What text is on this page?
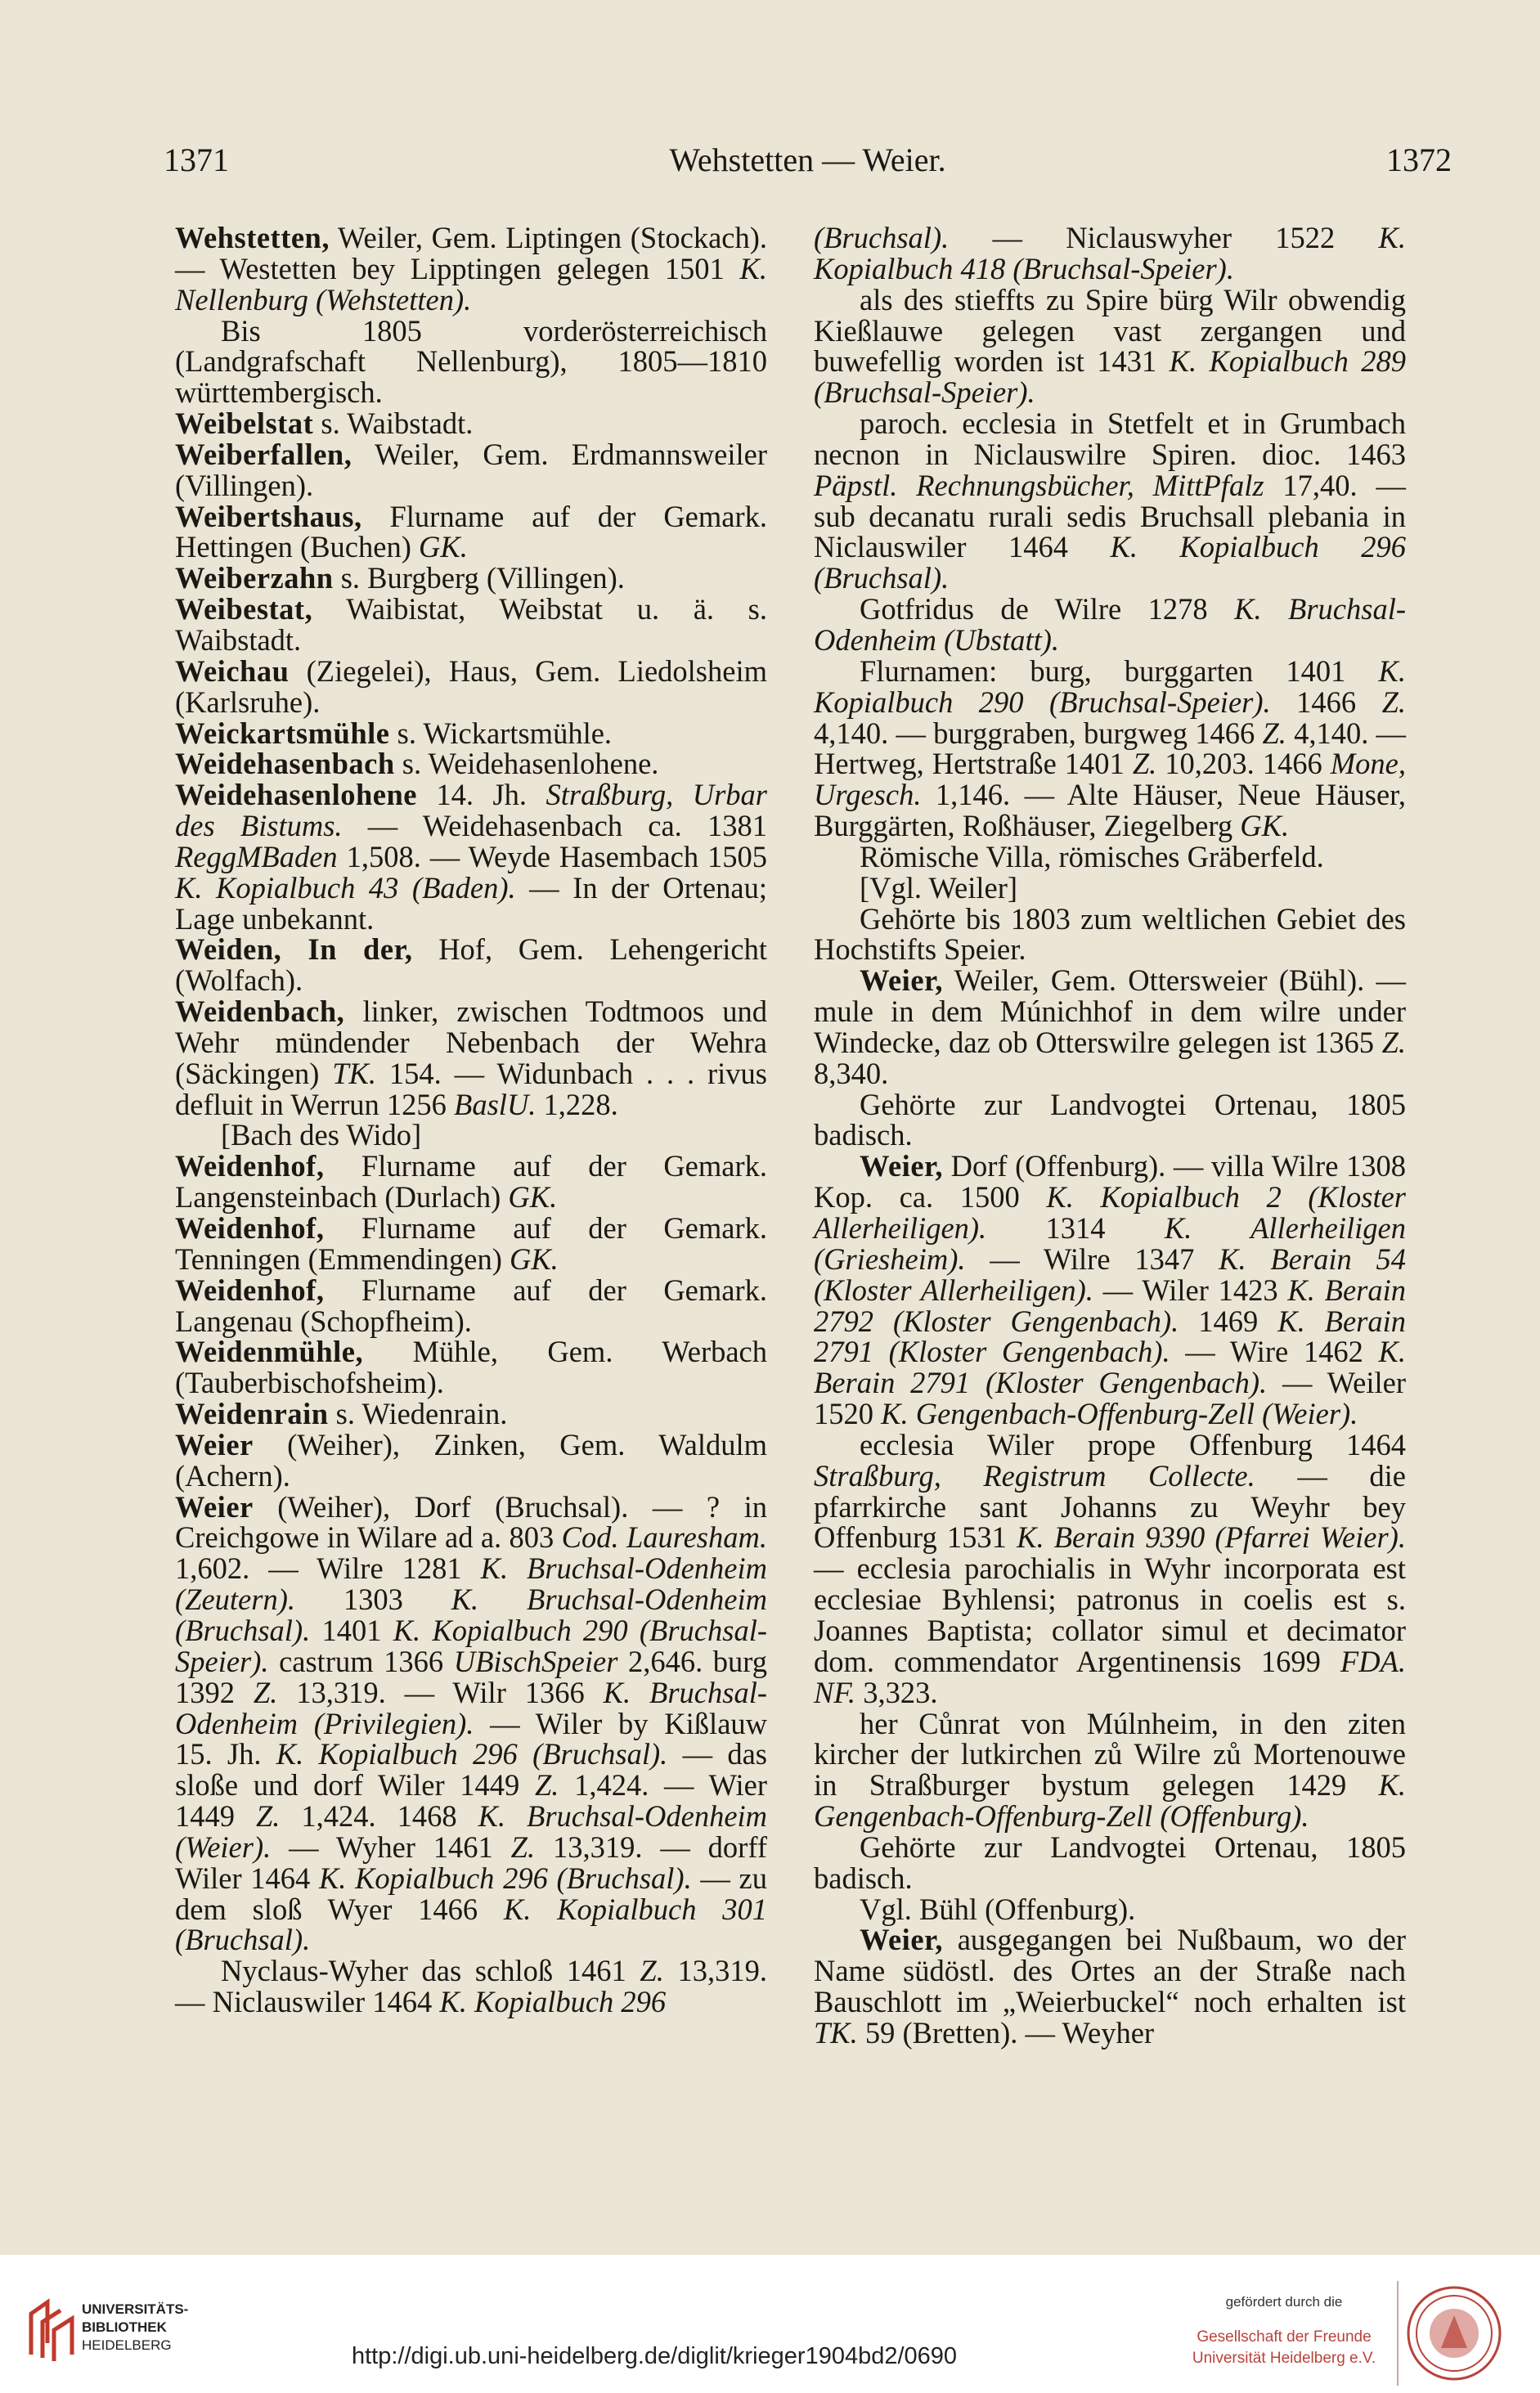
1371	Wehstetten — Weier.	1372

Wehstetten, Weiler, Gem. Liptingen (Stockach). — Westetten bey Lipptingen gelegen 1501 K. Nellenburg (Wehstetten).

Bis 1805 vorderösterreichisch (Landgrafschaft Nellenburg), 1805—1810 württembergisch.

Weibelstat s. Waibstadt.

Weiberfallen, Weiler, Gem. Erdmannsweiler (Villingen).

Weibertshaus, Flurname auf der Gemark. Hettingen (Buchen) GK.

Weiberzahn s. Burgberg (Villingen).

Weibestat, Waibistat, Weibstat u. ä. s. Waibstadt.

Weichau (Ziegelei), Haus, Gem. Liedolsheim (Karlsruhe).

Weickartsmühle s. Wickartsmühle.

Weidehasenbach s. Weidehasenlohene.

Weidehasenlohene 14. Jh. Straßburg, Urbar des Bistums. — Weidehasenbach ca. 1381 ReggMBaden 1,508. — Weyde Hasembach 1505 K. Kopialbuch 43 (Baden). — In der Ortenau; Lage unbekannt.

Weiden, In der, Hof, Gem. Lehengericht (Wolfach).

Weidenbach, linker, zwischen Todtmoos und Wehr mündender Nebenbach der Wehra (Säckingen) TK. 154. — Widunbach . . . rivus defluit in Werrun 1256 BaslU. 1,228.

[Bach des Wido]

Weidenhof, Flurname auf der Gemark. Langensteinbach (Durlach) GK.

Weidenhof, Flurname auf der Gemark. Tenningen (Emmendingen) GK.

Weidenhof, Flurname auf der Gemark. Langenau (Schopfheim).

Weidenmühle, Mühle, Gem. Werbach (Tauberbischofsheim).

Weidenrain s. Wiedenrain.

Weier (Weiher), Zinken, Gem. Waldulm (Achern).

Weier (Weiher), Dorf (Bruchsal). — ? in Creichgowe in Wilare ad a. 803 Cod. Lauresham. 1,602. — Wilre 1281 K. Bruchsal-Odenheim (Zeutern). 1303 K. Bruchsal-Odenheim (Bruchsal). 1401 K. Kopialbuch 290 (Bruchsal-Speier). castrum 1366 UBischSpeier 2,646. burg 1392 Z. 13,319. — Wilr 1366 K. Bruchsal-Odenheim (Privilegien). — Wiler by Kißlauw 15. Jh. K. Kopialbuch 296 (Bruchsal). — das sloße und dorf Wiler 1449 Z. 1,424. — Wier 1449 Z. 1,424. 1468 K. Bruchsal-Odenheim (Weier). — Wyher 1461 Z. 13,319. — dorff Wiler 1464 K. Kopialbuch 296 (Bruchsal). — zu dem sloß Wyer 1466 K. Kopialbuch 301 (Bruchsal).

Nyclaus-Wyher das schloß 1461 Z. 13,319. — Niclauswiler 1464 K. Kopialbuch 296

(Bruchsal). — Niclauswyher 1522 K. Kopialbuch 418 (Bruchsal-Speier).

als des stieffts zu Spire bürg Wilr obwendig Kießlauwe gelegen vast zergangen und buwefellig worden ist 1431 K. Kopialbuch 289 (Bruchsal-Speier).

paroch. ecclesia in Stetfelt et in Grumbach necnon in Niclauswilre Spiren. dioc. 1463 Päpstl. Rechnungsbücher, MittPfalz 17,40. — sub decanatu rurali sedis Bruchsall plebania in Niclauswiler 1464 K. Kopialbuch 296 (Bruchsal).

Gotfridus de Wilre 1278 K. Bruchsal-Odenheim (Ubstatt).

Flurnamen: burg, burggarten 1401 K. Kopialbuch 290 (Bruchsal-Speier). 1466 Z. 4,140. — burggraben, burgweg 1466 Z. 4,140. — Hertweg, Hertstraße 1401 Z. 10,203. 1466 Mone, Urgesch. 1,146. — Alte Häuser, Neue Häuser, Burggärten, Roßhäuser, Ziegelberg GK.

Römische Villa, römisches Gräberfeld.

[Vgl. Weiler]

Gehörte bis 1803 zum weltlichen Gebiet des Hochstifts Speier.

Weier, Weiler, Gem. Ottersweier (Bühl). — mule in dem Múnichhof in dem wilre under Windecke, daz ob Otterswilre gelegen ist 1365 Z. 8,340.

Gehörte zur Landvogtei Ortenau, 1805 badisch.

Weier, Dorf (Offenburg). — villa Wilre 1308 Kop. ca. 1500 K. Kopialbuch 2 (Kloster Allerheiligen). 1314 K. Allerheiligen (Griesheim). — Wilre 1347 K. Berain 54 (Kloster Allerheiligen). — Wiler 1423 K. Berain 2792 (Kloster Gengenbach). 1469 K. Berain 2791 (Kloster Gengenbach). — Wire 1462 K. Berain 2791 (Kloster Gengenbach). — Weiler 1520 K. Gengenbach-Offenburg-Zell (Weier).

ecclesia Wiler prope Offenburg 1464 Straßburg, Registrum Collecte. — die pfarrkirche sant Johanns zu Weyhr bey Offenburg 1531 K. Berain 9390 (Pfarrei Weier). — ecclesia parochialis in Wyhr incorporata est ecclesiae Byhlensi; patronus in coelis est s. Joannes Baptista; collator simul et decimator dom. commendator Argentinensis 1699 FDA. NF. 3,323.

her Cůnrat von Múlnheim, in den ziten kircher der lutkirchen zů Wilre zů Mortenouwe in Straßburger bystum gelegen 1429 K. Gengenbach-Offenburg-Zell (Offenburg).

Gehörte zur Landvogtei Ortenau, 1805 badisch.

Vgl. Bühl (Offenburg).

Weier, ausgegangen bei Nußbaum, wo der Name südöstl. des Ortes an der Straße nach Bauschlott im „Weierbuckel“ noch erhalten ist TK. 59 (Bretten). — Weyher

UNIVERSITÄTS-
BIBLIOTHEK
HEIDELBERG	http://digi.ub.uni-heidelberg.de/diglit/krieger1904bd2/0690
gefördert durch die
Gesellschaft der Freunde
Universität Heidelberg e.V.
